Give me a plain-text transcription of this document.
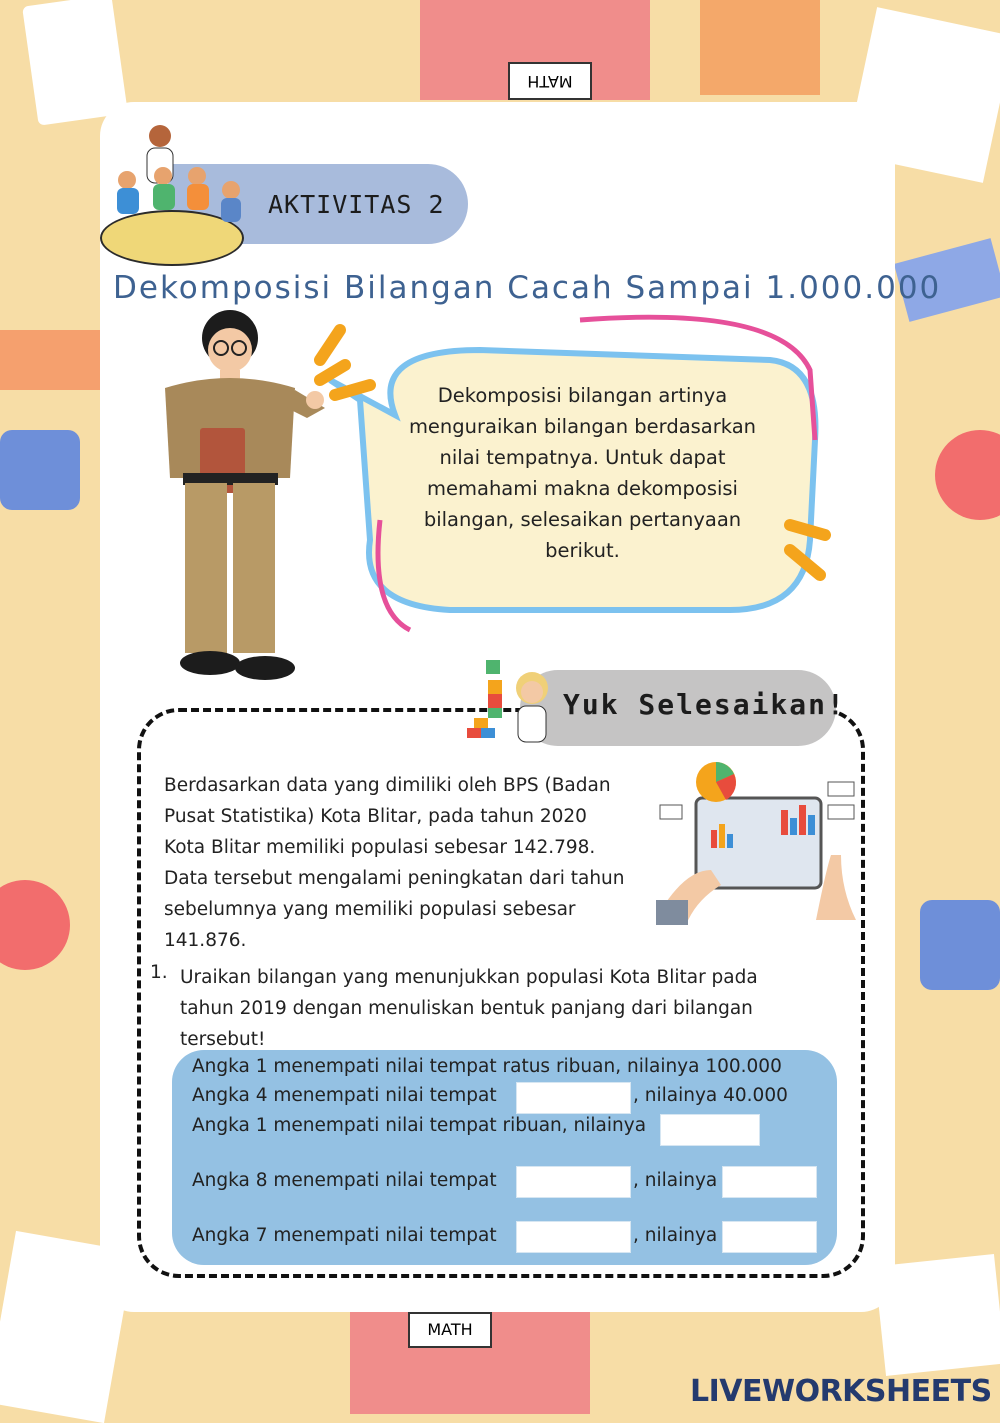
MATH
MATH
AKTIVITAS 2
Dekomposisi Bilangan Cacah Sampai 1.000.000
Dekomposisi bilangan artinya
menguraikan bilangan berdasarkan
nilai tempatnya. Untuk dapat
memahami makna dekomposisi
bilangan, selesaikan pertanyaan
berikut.
Yuk Selesaikan!
Berdasarkan data yang dimiliki oleh BPS (Badan
Pusat Statistika) Kota Blitar, pada tahun 2020
Kota Blitar memiliki populasi sebesar 142.798.
Data tersebut mengalami peningkatan dari tahun
sebelumnya yang memiliki populasi sebesar
141.876.
1. Uraikan bilangan yang menunjukkan populasi Kota Blitar pada
tahun 2019 dengan menuliskan bentuk panjang dari bilangan
tersebut!
Angka 1 menempati nilai tempat ratus ribuan, nilainya 100.000
Angka 4 menempati nilai tempat	, nilainya 40.000
Angka 1 menempati nilai tempat ribuan, nilainya
Angka 8 menempati nilai tempat	, nilainya
Angka 7 menempati nilai tempat	, nilainya
LIVEWORKSHEETS
